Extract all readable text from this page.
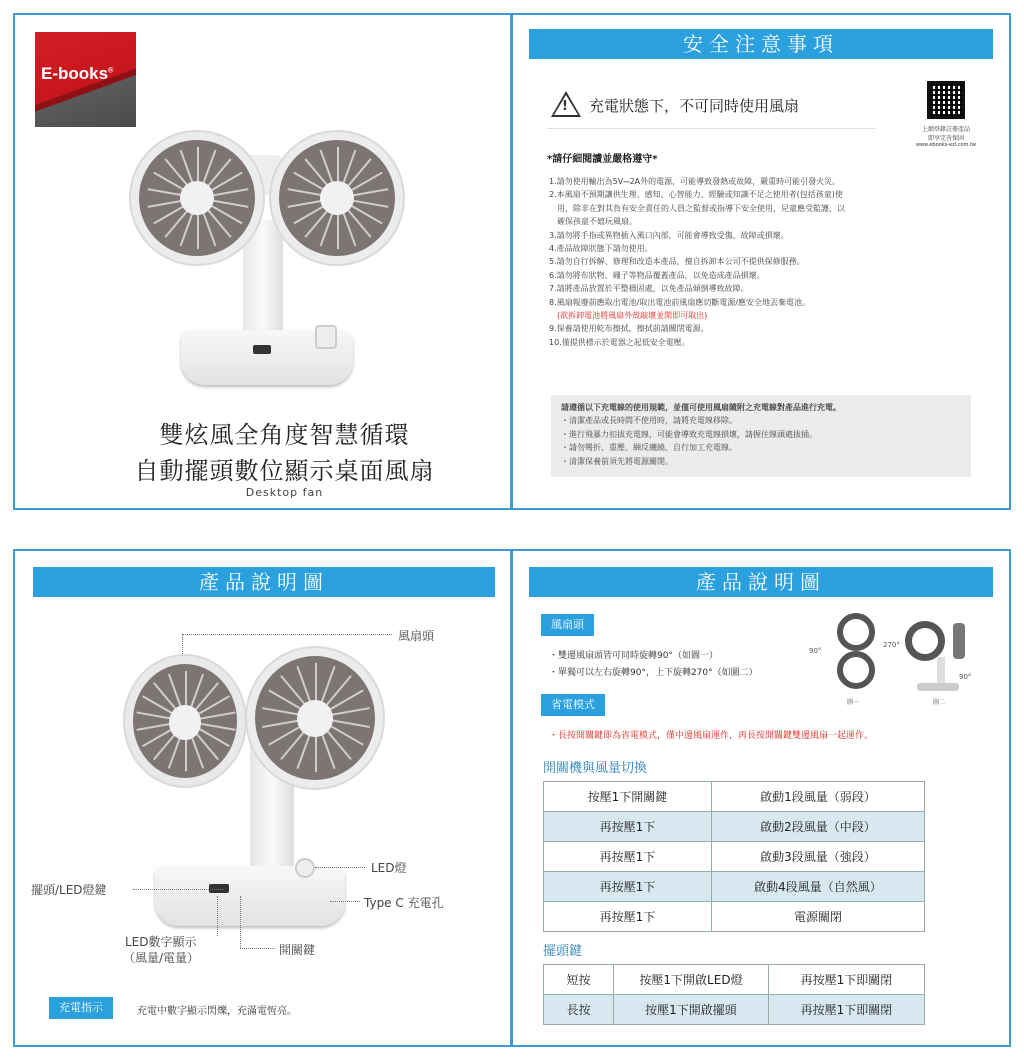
E-books®
雙炫風全角度智慧循環
自動擺頭數位顯示桌面風扇
Desktop fan
安全注意事項
! 充電狀態下，不可同時使用風扇
上網登錄註冊產品
即享完善保固
www.ebooks-ezl.com.tw
*請仔細閱讀並嚴格遵守*
1.請勿使用輸出為5V⎓2A外的電源，可能導致發熱或故障，嚴重時可能引發火災。
2.本風扇不預期讓供生理、感知、心智能力、經驗或知識不足之使用者(包括孩童)使
用，除非在對其負有安全責任的人員之監督或指導下安全使用，兒童應受監護，以
確保孩童不嬉玩風扇。
3.請勿將手指或異物插入風口內部，可能會導致受傷、故障或損壞。
4.產品故障狀態下請勿使用。
5.請勿自行拆解、修理和改造本產品，擅自拆卸本公司不提供保修服務。
6.請勿將布狀物、繩子等物品覆蓋產品，以免造成產品損壞。
7.請將產品放置於平整穩固處，以免產品傾倒導致故障。
8.風扇報廢前應取出電池/取出電池前風扇應切斷電源/應安全地丟棄電池。
(欲拆卸電池將風扇外殼敲壞並開即可取出)
9.保養請使用乾布擦拭，擦拭前請關閉電源。
10.僅提供標示於電器之起低安全電壓。
請遵循以下充電線的使用規範，並僅可使用風扇隨附之充電線對產品進行充電。
・清潔產品或長時間不使用時，請將充電線移除。
・進行飛暴力扣拔充電線，可能會導致充電線損壞，請握住線頭處拔插。
・請勿彎折、重壓、綑反纏繞、自行加工充電線。
・清潔保養前須先將電源關閉。
產品說明圖
風扇頭
LED燈
擺頭/LED燈鍵
Type C 充電孔
LED數字顯示
（風量/電量）
開關鍵
充電指示	充電中數字顯示閃爍，充滿電恆亮。
產品說明圖
風扇頭
・雙邊風扇頭皆可同時旋轉90°（如圖一）
・單獨可以左右旋轉90°，上下旋轉270°（如圖二）
90°
圖一
270°
90°
圖二
省電模式
・長按開關鍵即為省電模式，僅中邊風扇運作，再長按開關鍵雙邊風扇一起運作。
開關機與風量切換
按壓1下開關鍵	啟動1段風量（弱段）
再按壓1下	啟動2段風量（中段）
再按壓1下	啟動3段風量（強段）
再按壓1下	啟動4段風量（自然風）
再按壓1下	電源關閉
擺頭鍵
短按	按壓1下開啟LED燈	再按壓1下即關閉
長按	按壓1下開啟擺頭	再按壓1下即關閉
